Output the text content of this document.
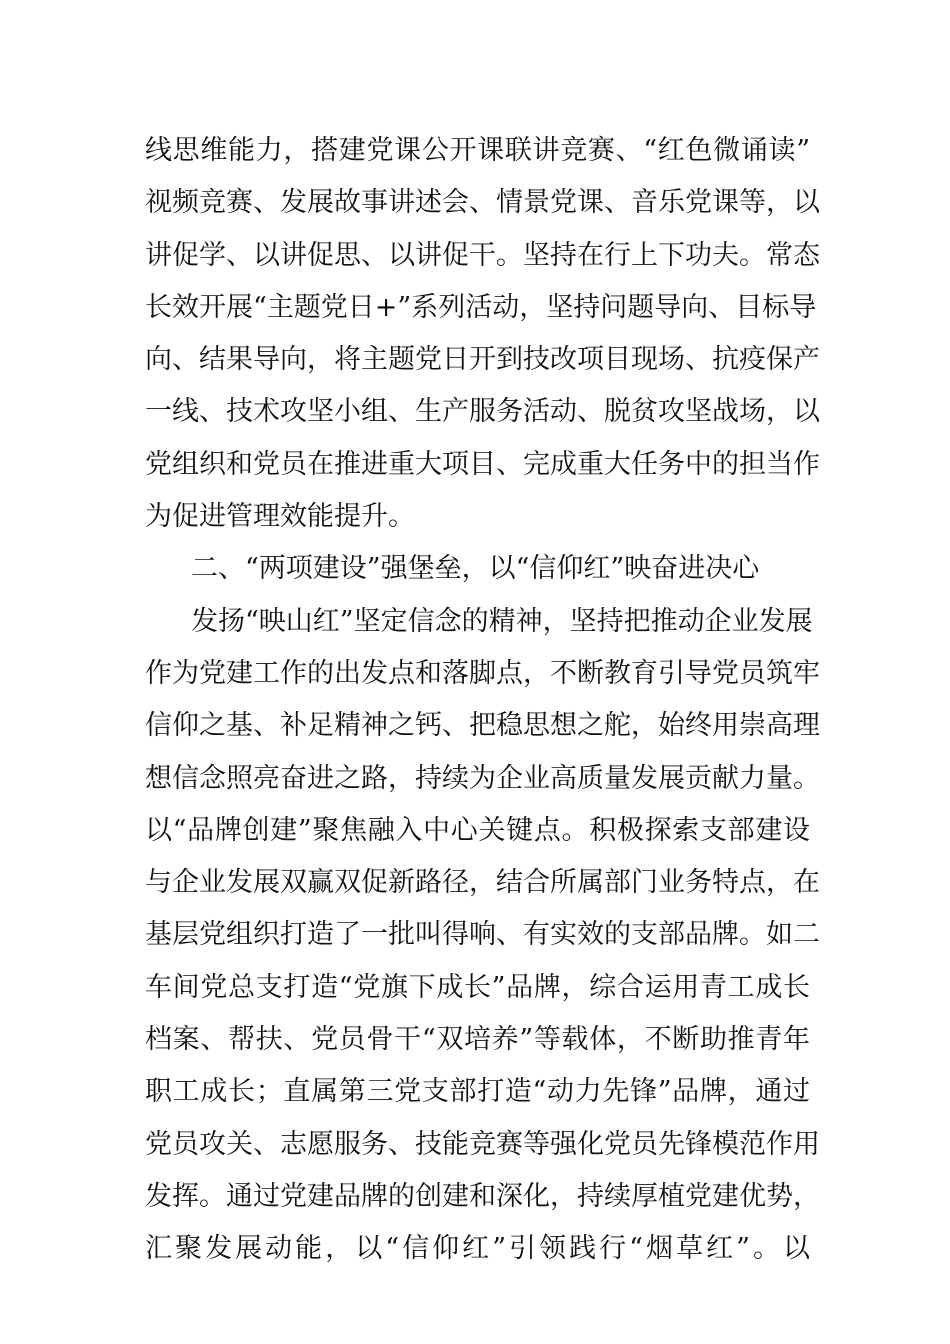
线思维能力，搭建党课公开课联讲竞赛、“红色微诵读”
视频竞赛、发展故事讲述会、情景党课、音乐党课等，以
讲促学、以讲促思、以讲促干。坚持在行上下功夫。常态
长效开展“主题党日+”系列活动，坚持问题导向、目标导
向、结果导向，将主题党日开到技改项目现场、抗疫保产
一线、技术攻坚小组、生产服务活动、脱贫攻坚战场，以
党组织和党员在推进重大项目、完成重大任务中的担当作
为促进管理效能提升。
二、“两项建设”强堡垒，以“信仰红”映奋进决心
发扬“映山红”坚定信念的精神，坚持把推动企业发展
作为党建工作的出发点和落脚点，不断教育引导党员筑牢
信仰之基、补足精神之钙、把稳思想之舵，始终用崇高理
想信念照亮奋进之路，持续为企业高质量发展贡献力量。
以“品牌创建”聚焦融入中心关键点。积极探索支部建设
与企业发展双赢双促新路径，结合所属部门业务特点，在
基层党组织打造了一批叫得响、有实效的支部品牌。如二
车间党总支打造“党旗下成长”品牌，综合运用青工成长
档案、帮扶、党员骨干“双培养”等载体，不断助推青年
职工成长；直属第三党支部打造“动力先锋”品牌，通过
党员攻关、志愿服务、技能竞赛等强化党员先锋模范作用
发挥。通过党建品牌的创建和深化，持续厚植党建优势，
汇聚发展动能，以“信仰红”引领践行“烟草红”。以
